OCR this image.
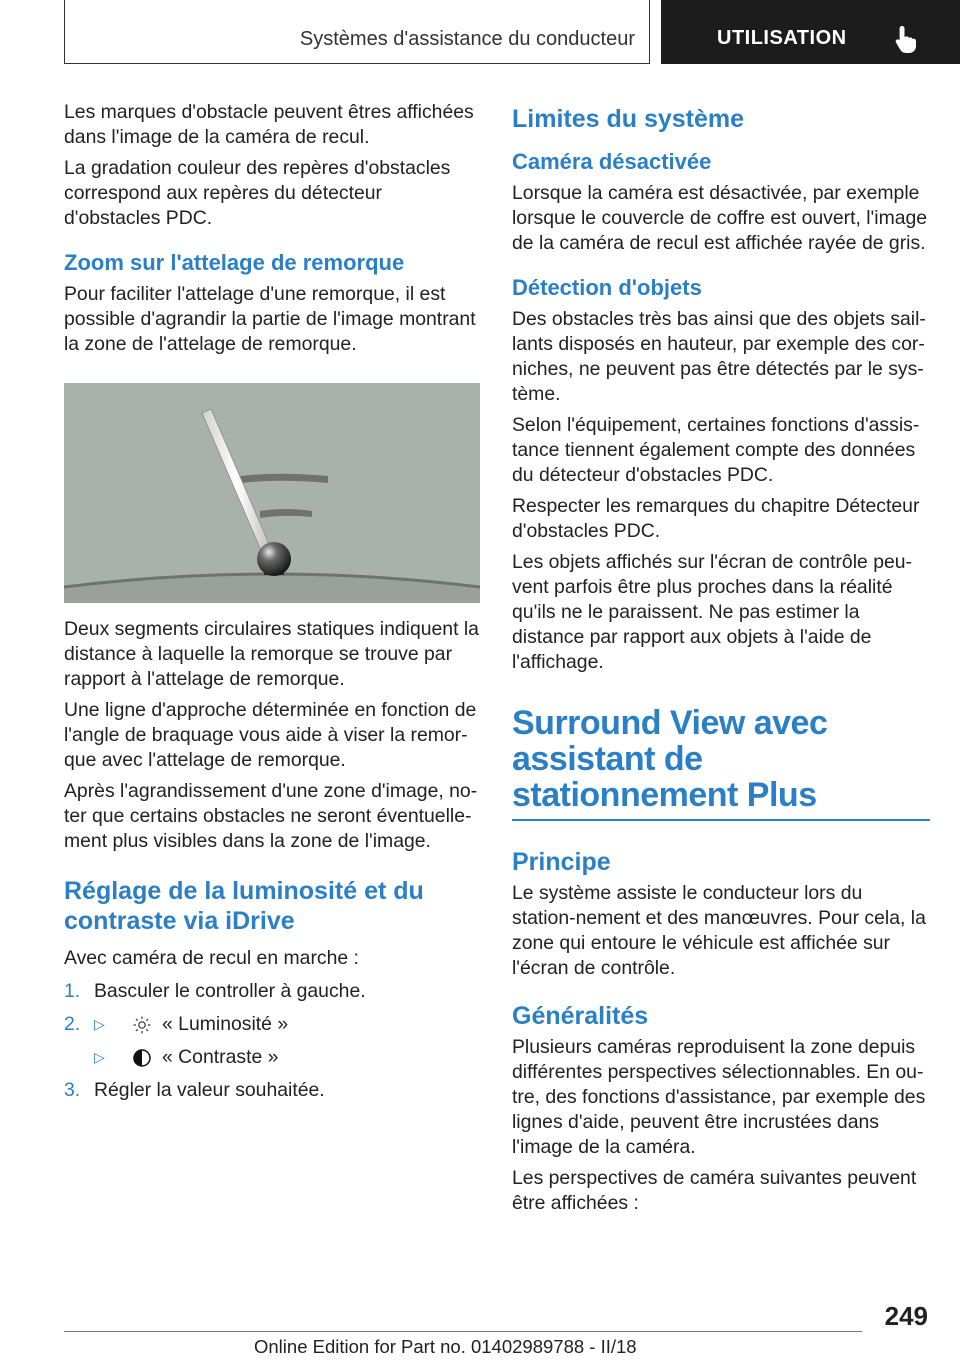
Systèmes d'assistance du conducteur	UTILISATION

Les marques d'obstacle peuvent êtres affichées dans l'image de la caméra de recul.

La gradation couleur des repères d'obstacles correspond aux repères du détecteur d'obstacles PDC.

Zoom sur l'attelage de remorque

Pour faciliter l'attelage d'une remorque, il est possible d'agrandir la partie de l'image montrant la zone de l'attelage de remorque.

Deux segments circulaires statiques indiquent la distance à laquelle la remorque se trouve par rapport à l'attelage de remorque.

Une ligne d'approche déterminée en fonction de l'angle de braquage vous aide à viser la remor‐que avec l'attelage de remorque.

Après l'agrandissement d'une zone d'image, no‐ter que certains obstacles ne seront éventuelle‐ment plus visibles dans la zone de l'image.

Réglage de la luminosité et du contraste via iDrive

Avec caméra de recul en marche :

1. Basculer le controller à gauche.
2. ▷	« Luminosité »
▷	« Contraste »
3. Régler la valeur souhaitée.
Limites du système
Caméra désactivée

Lorsque la caméra est désactivée, par exemple lorsque le couvercle de coffre est ouvert, l'image de la caméra de recul est affichée rayée de gris.

Détection d'objets

Des obstacles très bas ainsi que des objets sail‐lants disposés en hauteur, par exemple des cor‐niches, ne peuvent pas être détectés par le sys‐tème.

Selon l'équipement, certaines fonctions d'assis‐tance tiennent également compte des données du détecteur d'obstacles PDC.

Respecter les remarques du chapitre Détecteur d'obstacles PDC.

Les objets affichés sur l'écran de contrôle peu‐vent parfois être plus proches dans la réalité qu'ils ne le paraissent. Ne pas estimer la distance par rapport aux objets à l'aide de l'affichage.

Surround View avec assistant de stationnement Plus
Principe

Le système assiste le conducteur lors du station‐nement et des manœuvres. Pour cela, la zone qui entoure le véhicule est affichée sur l'écran de contrôle.

Généralités

Plusieurs caméras reproduisent la zone depuis différentes perspectives sélectionnables. En ou‐tre, des fonctions d'assistance, par exemple des lignes d'aide, peuvent être incrustées dans l'image de la caméra.

Les perspectives de caméra suivantes peuvent être affichées :

249
Online Edition for Part no. 01402989788 - II/18
